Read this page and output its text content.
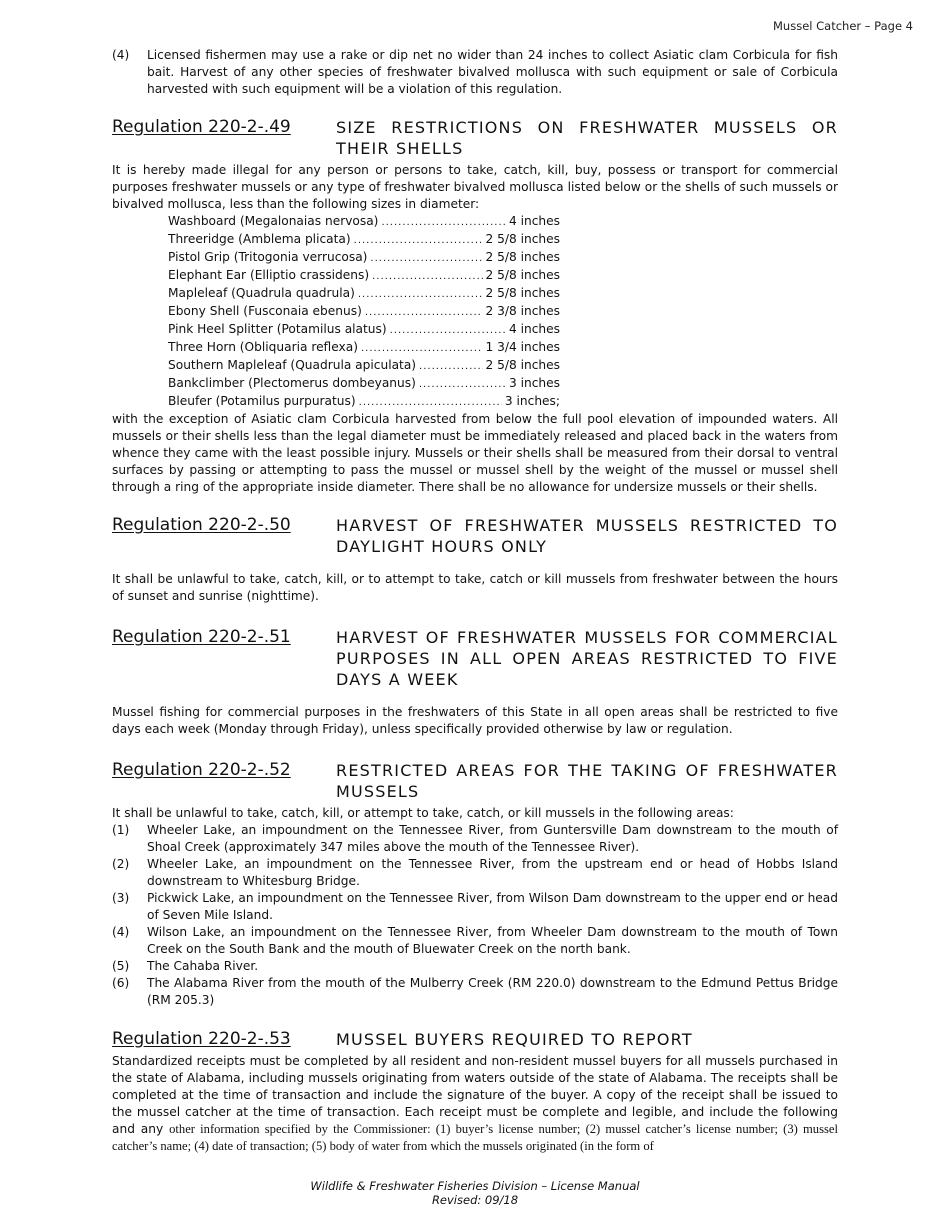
Mussel Catcher – Page 4
(4)	Licensed fishermen may use a rake or dip net no wider than 24 inches to collect Asiatic clam Corbicula for fish bait. Harvest of any other species of freshwater bivalved mollusca with such equipment or sale of Corbicula harvested with such equipment will be a violation of this regulation.
Regulation 220-2-.49	SIZE RESTRICTIONS ON FRESHWATER MUSSELS OR THEIR SHELLS

It is hereby made illegal for any person or persons to take, catch, kill, buy, possess or transport for commercial purposes freshwater mussels or any type of freshwater bivalved mollusca listed below or the shells of such mussels or bivalved mollusca, less than the following sizes in diameter:

Washboard (Megalonaias nervosa) .....	4 inches
Threeridge (Amblema plicata) .....	2 5/8 inches
Pistol Grip (Tritogonia verrucosa) .....	2 5/8 inches
Elephant Ear (Elliptio crassidens) .....	2 5/8 inches
Mapleleaf (Quadrula quadrula) .....	2 5/8 inches
Ebony Shell (Fusconaia ebenus) .....	2 3/8 inches
Pink Heel Splitter (Potamilus alatus) .....	4 inches
Three Horn (Obliquaria reflexa) .....	1 3/4 inches
Southern Mapleleaf (Quadrula apiculata) .....	2 5/8 inches
Bankclimber (Plectomerus dombeyanus) .....	3 inches
Bleufer (Potamilus purpuratus) .....	3 inches;

with the exception of Asiatic clam Corbicula harvested from below the full pool elevation of impounded waters. All mussels or their shells less than the legal diameter must be immediately released and placed back in the waters from whence they came with the least possible injury. Mussels or their shells shall be measured from their dorsal to ventral surfaces by passing or attempting to pass the mussel or mussel shell by the weight of the mussel or mussel shell through a ring of the appropriate inside diameter. There shall be no allowance for undersize mussels or their shells.

Regulation 220-2-.50	HARVEST OF FRESHWATER MUSSELS RESTRICTED TO DAYLIGHT HOURS ONLY

It shall be unlawful to take, catch, kill, or to attempt to take, catch or kill mussels from freshwater between the hours of sunset and sunrise (nighttime).

Regulation 220-2-.51	HARVEST OF FRESHWATER MUSSELS FOR COMMERCIAL PURPOSES IN ALL OPEN AREAS RESTRICTED TO FIVE DAYS A WEEK

Mussel fishing for commercial purposes in the freshwaters of this State in all open areas shall be restricted to five days each week (Monday through Friday), unless specifically provided otherwise by law or regulation.

Regulation 220-2-.52	RESTRICTED AREAS FOR THE TAKING OF FRESHWATER MUSSELS

It shall be unlawful to take, catch, kill, or attempt to take, catch, or kill mussels in the following areas:

(1)	Wheeler Lake, an impoundment on the Tennessee River, from Guntersville Dam downstream to the mouth of Shoal Creek (approximately 347 miles above the mouth of the Tennessee River).
(2)	Wheeler Lake, an impoundment on the Tennessee River, from the upstream end or head of Hobbs Island downstream to Whitesburg Bridge.
(3)	Pickwick Lake, an impoundment on the Tennessee River, from Wilson Dam downstream to the upper end or head of Seven Mile Island.
(4)	Wilson Lake, an impoundment on the Tennessee River, from Wheeler Dam downstream to the mouth of Town Creek on the South Bank and the mouth of Bluewater Creek on the north bank.
(5)	The Cahaba River.
(6)	The Alabama River from the mouth of the Mulberry Creek (RM 220.0) downstream to the Edmund Pettus Bridge (RM 205.3)
Regulation 220-2-.53	MUSSEL BUYERS REQUIRED TO REPORT

Standardized receipts must be completed by all resident and non-resident mussel buyers for all mussels purchased in the state of Alabama, including mussels originating from waters outside of the state of Alabama. The receipts shall be completed at the time of transaction and include the signature of the buyer. A copy of the receipt shall be issued to the mussel catcher at the time of transaction. Each receipt must be complete and legible, and include the following and any other information specified by the Commissioner: (1) buyer’s license number; (2) mussel catcher’s license number; (3) mussel catcher’s name; (4) date of transaction; (5) body of water from which the mussels originated (in the form of

Wildlife & Freshwater Fisheries Division – License Manual
Revised: 09/18
